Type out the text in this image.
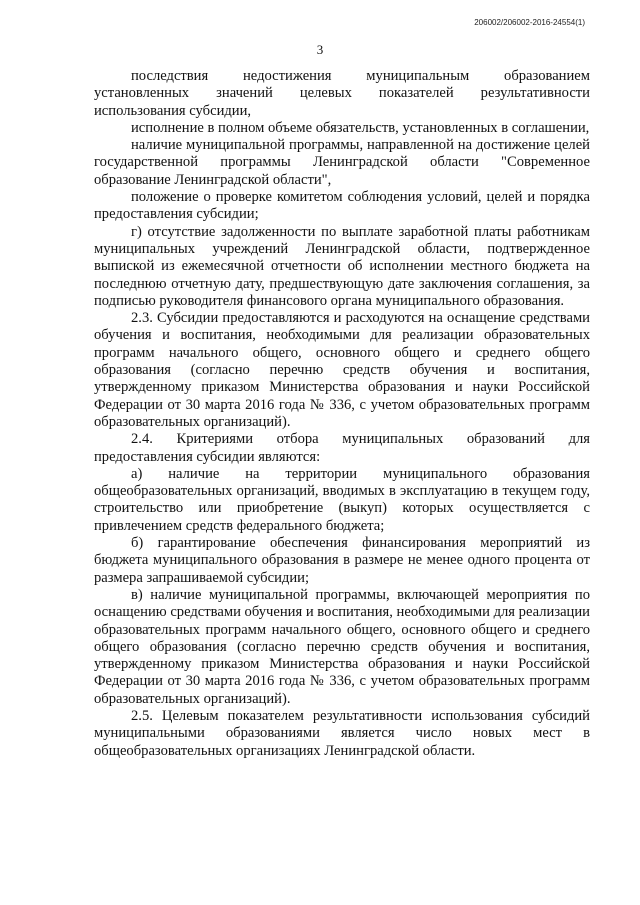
206002/206002-2016-24554(1)
3

последствия недостижения муниципальным образованием установленных значений целевых показателей результативности использования субсидии,

исполнение в полном объеме обязательств, установленных в соглашении,

наличие муниципальной программы, направленной на достижение целей государственной программы Ленинградской области "Современное образование Ленинградской области",

положение о проверке комитетом соблюдения условий, целей и порядка предоставления субсидии;

г) отсутствие задолженности по выплате заработной платы работникам муниципальных учреждений Ленинградской области, подтвержденное выпиской из ежемесячной отчетности об исполнении местного бюджета на последнюю отчетную дату, предшествующую дате заключения соглашения, за подписью руководителя финансового органа муниципального образования.

2.3. Субсидии предоставляются и расходуются на оснащение средствами обучения и воспитания, необходимыми для реализации образовательных программ начального общего, основного общего и среднего общего образования (согласно перечню средств обучения и воспитания, утвержденному приказом Министерства образования и науки Российской Федерации от 30 марта 2016 года № 336, с учетом образовательных программ образовательных организаций).

2.4. Критериями отбора муниципальных образований для предоставления субсидии являются:

а) наличие на территории муниципального образования общеобразовательных организаций, вводимых в эксплуатацию в текущем году, строительство или приобретение (выкуп) которых осуществляется с привлечением средств федерального бюджета;

б) гарантирование обеспечения финансирования мероприятий из бюджета муниципального образования в размере не менее одного процента от размера запрашиваемой субсидии;

в) наличие муниципальной программы, включающей мероприятия по оснащению средствами обучения и воспитания, необходимыми для реализации образовательных программ начального общего, основного общего и среднего общего образования (согласно перечню средств обучения и воспитания, утвержденному приказом Министерства образования и науки Российской Федерации от 30 марта 2016 года № 336, с учетом образовательных программ образовательных организаций).

2.5. Целевым показателем результативности использования субсидий муниципальными образованиями является число новых мест в общеобразовательных организациях Ленинградской области.
